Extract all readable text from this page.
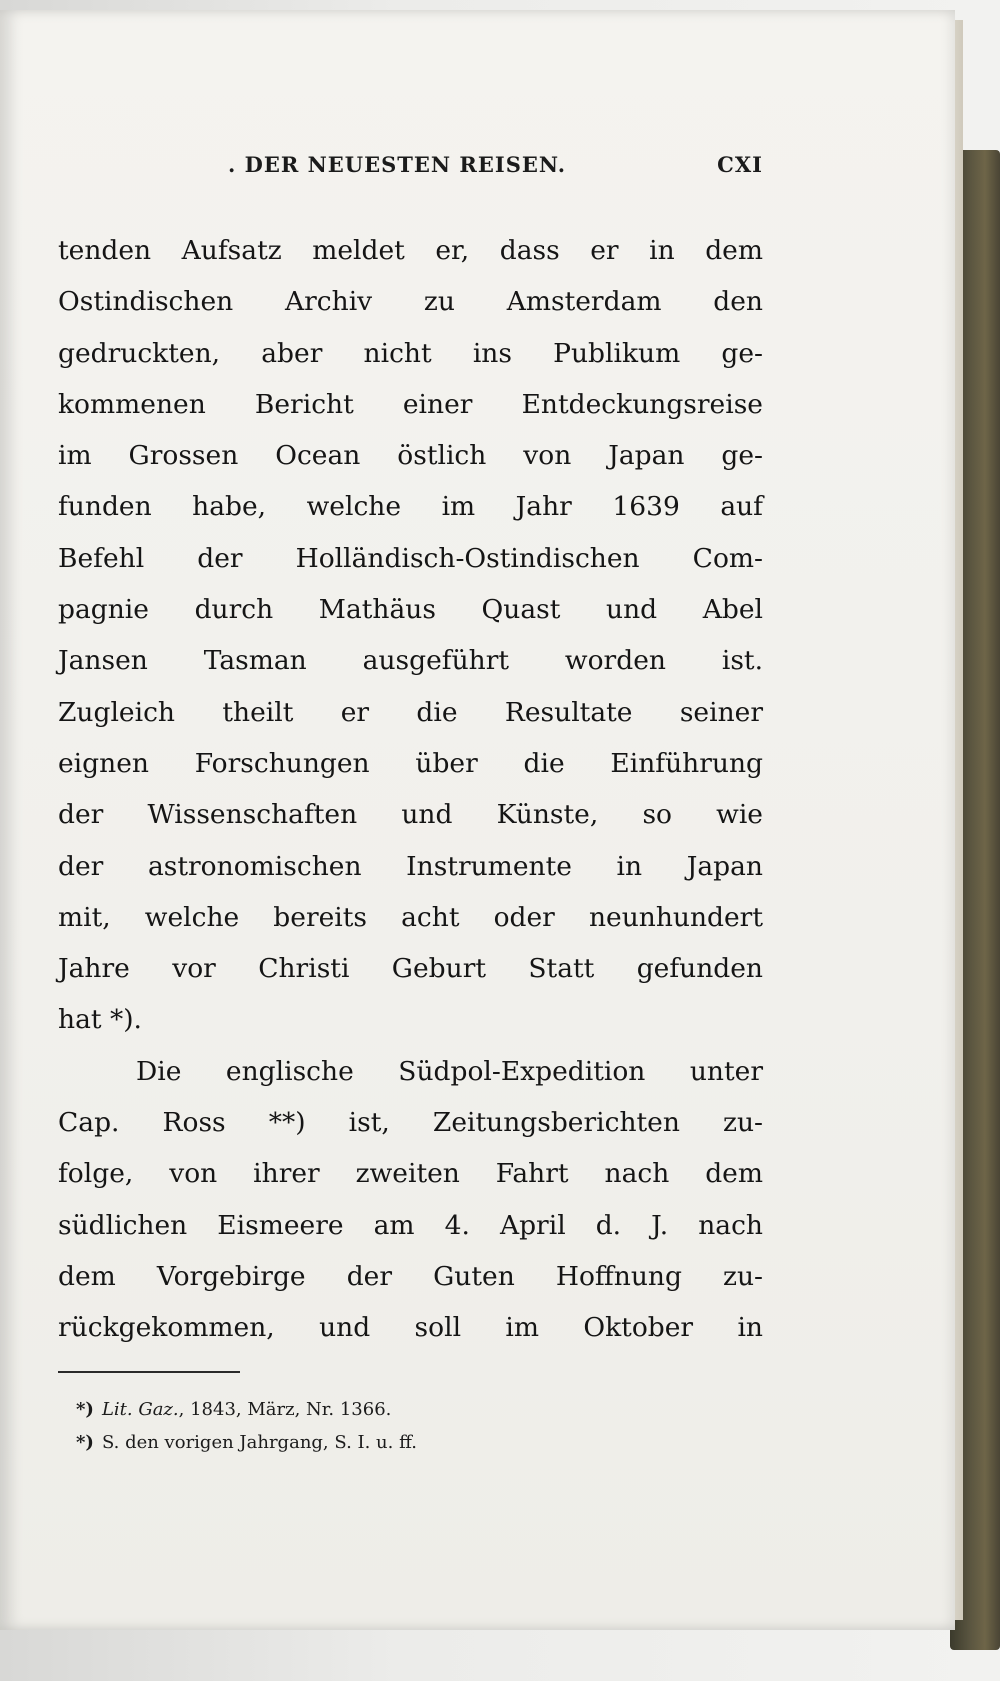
. DER NEUESTEN REISEN.	CXI
tenden Aufsatz meldet er, dass er in dem
Ostindischen Archiv zu Amsterdam den
gedruckten, aber nicht ins Publikum ge-
kommenen Bericht einer Entdeckungsreise
im Grossen Ocean östlich von Japan ge-
funden habe, welche im Jahr 1639 auf
Befehl der Holländisch-Ostindischen Com-
pagnie durch Mathäus Quast und Abel
Jansen Tasman ausgeführt worden ist.
Zugleich theilt er die Resultate seiner
eignen Forschungen über die Einführung
der Wissenschaften und Künste, so wie
der astronomischen Instrumente in Japan
mit, welche bereits acht oder neunhundert
Jahre vor Christi Geburt Statt gefunden
hat *).
Die englische Südpol-Expedition unter
Cap. Ross **) ist, Zeitungsberichten zu-
folge, von ihrer zweiten Fahrt nach dem
südlichen Eismeere am 4. April d. J. nach
dem Vorgebirge der Guten Hoffnung zu-
rückgekommen, und soll im Oktober in
*) Lit. Gaz., 1843, März, Nr. 1366.
*) S. den vorigen Jahrgang, S. I. u. ff.
